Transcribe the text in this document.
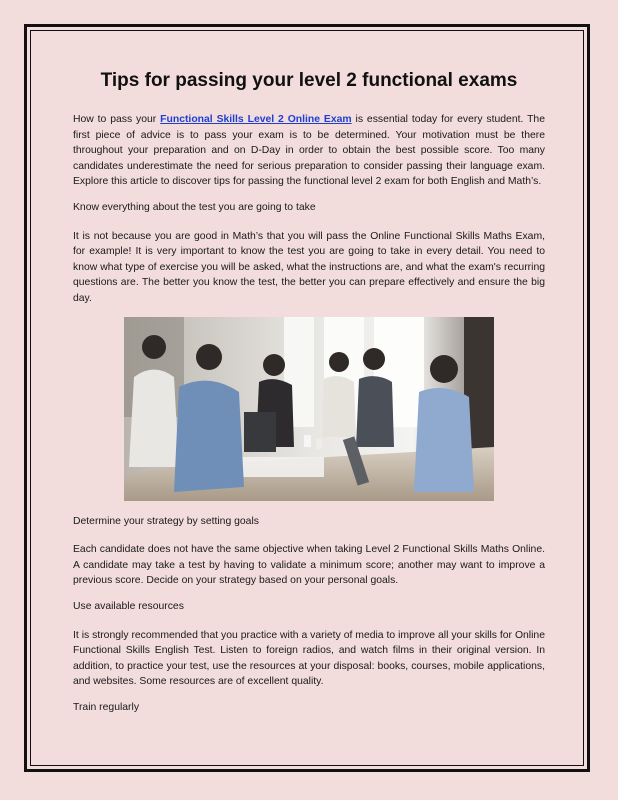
Tips for passing your level 2 functional exams

How to pass your Functional Skills Level 2 Online Exam is essential today for every student. The first piece of advice is to pass your exam is to be determined. Your motivation must be there throughout your preparation and on D-Day in order to obtain the best possible score. Too many candidates underestimate the need for serious preparation to consider passing their language exam. Explore this article to discover tips for passing the functional level 2 exam for both English and Math’s.

Know everything about the test you are going to take

It is not because you are good in Math’s that you will pass the Online Functional Skills Maths Exam, for example! It is very important to know the test you are going to take in every detail. You need to know what type of exercise you will be asked, what the instructions are, and what the exam's recurring questions are. The better you know the test, the better you can prepare effectively and ensure the big day.

Determine your strategy by setting goals

Each candidate does not have the same objective when taking Level 2 Functional Skills Maths Online. A candidate may take a test by having to validate a minimum score; another may want to improve a previous score. Decide on your strategy based on your personal goals.

Use available resources

It is strongly recommended that you practice with a variety of media to improve all your skills for Online Functional Skills English Test. Listen to foreign radios, and watch films in their original version. In addition, to practice your test, use the resources at your disposal: books, courses, mobile applications, and websites. Some resources are of excellent quality.

Train regularly
